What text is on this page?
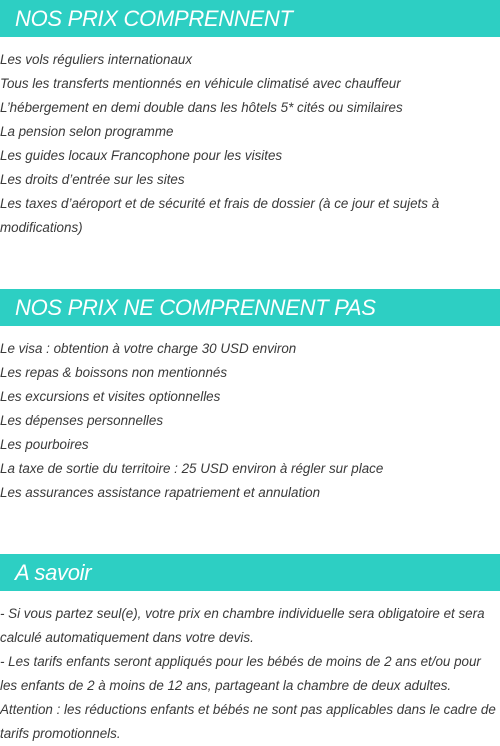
NOS PRIX COMPRENNENT
Les vols réguliers internationaux
Tous les transferts mentionnés en véhicule climatisé avec chauffeur
L’hébergement en demi double dans les hôtels 5* cités ou similaires
La pension selon programme
Les guides locaux Francophone pour les visites
Les droits d’entrée sur les sites
Les taxes d’aéroport et de sécurité et frais de dossier (à ce jour et sujets à modifications)
NOS PRIX NE COMPRENNENT PAS
Le visa : obtention à votre charge 30 USD environ
Les repas & boissons non mentionnés
Les excursions et visites optionnelles
Les dépenses personnelles
Les pourboires
La taxe de sortie du territoire : 25 USD environ à régler sur place
Les assurances assistance rapatriement et annulation
A savoir
- Si vous partez seul(e), votre prix en chambre individuelle sera obligatoire et sera calculé automatiquement dans votre devis.
- Les tarifs enfants seront appliqués pour les bébés de moins de 2 ans et/ou pour les enfants de 2 à moins de 12 ans, partageant la chambre de deux adultes.
Attention : les réductions enfants et bébés ne sont pas applicables dans le cadre de tarifs promotionnels.
